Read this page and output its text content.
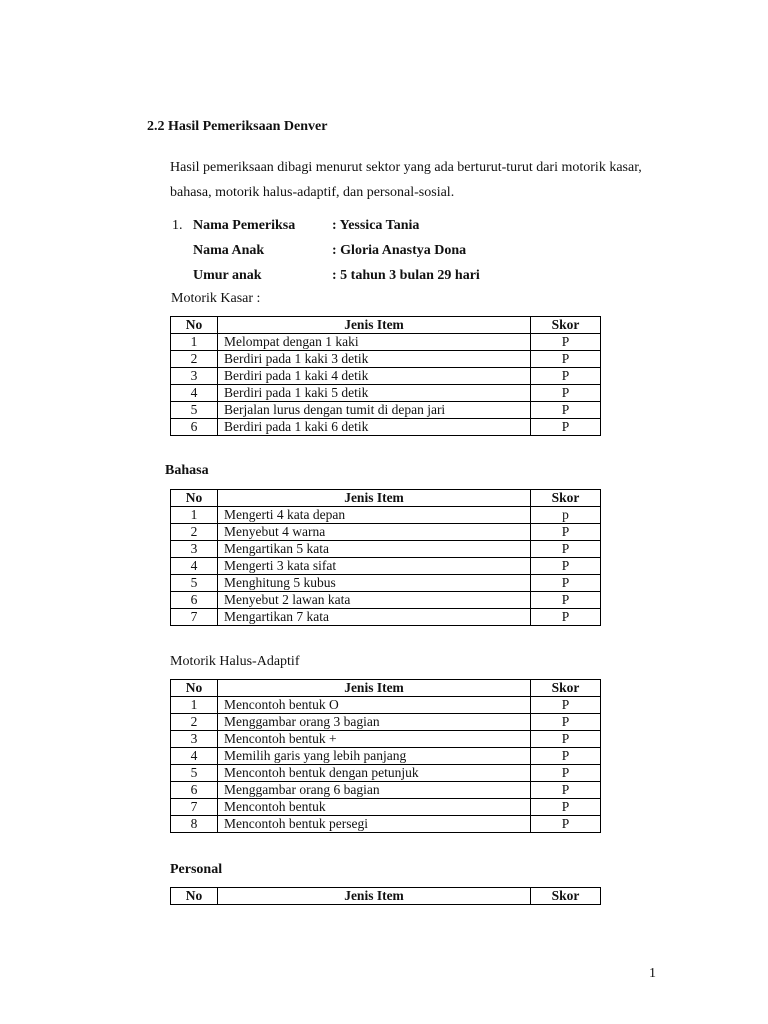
2.2 Hasil Pemeriksaan Denver
Hasil pemeriksaan dibagi menurut sektor yang ada berturut-turut dari motorik kasar, bahasa, motorik halus-adaptif, dan personal-sosial.
1. Nama Pemeriksa	: Yessica Tania
Nama Anak	: Gloria Anastya Dona
Umur anak	: 5 tahun 3 bulan 29 hari
Motorik Kasar :
No	Jenis Item	Skor
1	Melompat dengan 1 kaki	P
2	Berdiri pada 1 kaki 3 detik	P
3	Berdiri pada 1 kaki 4 detik	P
4	Berdiri pada 1 kaki 5 detik	P
5	Berjalan lurus dengan tumit di depan jari	P
6	Berdiri pada 1 kaki 6 detik	P
Bahasa
No	Jenis Item	Skor
1	Mengerti 4 kata depan	p
2	Menyebut 4 warna	P
3	Mengartikan 5 kata	P
4	Mengerti 3 kata sifat	P
5	Menghitung 5 kubus	P
6	Menyebut 2 lawan kata	P
7	Mengartikan 7 kata	P
Motorik Halus-Adaptif
No	Jenis Item	Skor
1	Mencontoh bentuk O	P
2	Menggambar orang 3 bagian	P
3	Mencontoh bentuk +	P
4	Memilih garis yang lebih panjang	P
5	Mencontoh bentuk dengan petunjuk	P
6	Menggambar orang 6 bagian	P
7	Mencontoh bentuk	P
8	Mencontoh bentuk persegi	P
Personal
No	Jenis Item	Skor
1
